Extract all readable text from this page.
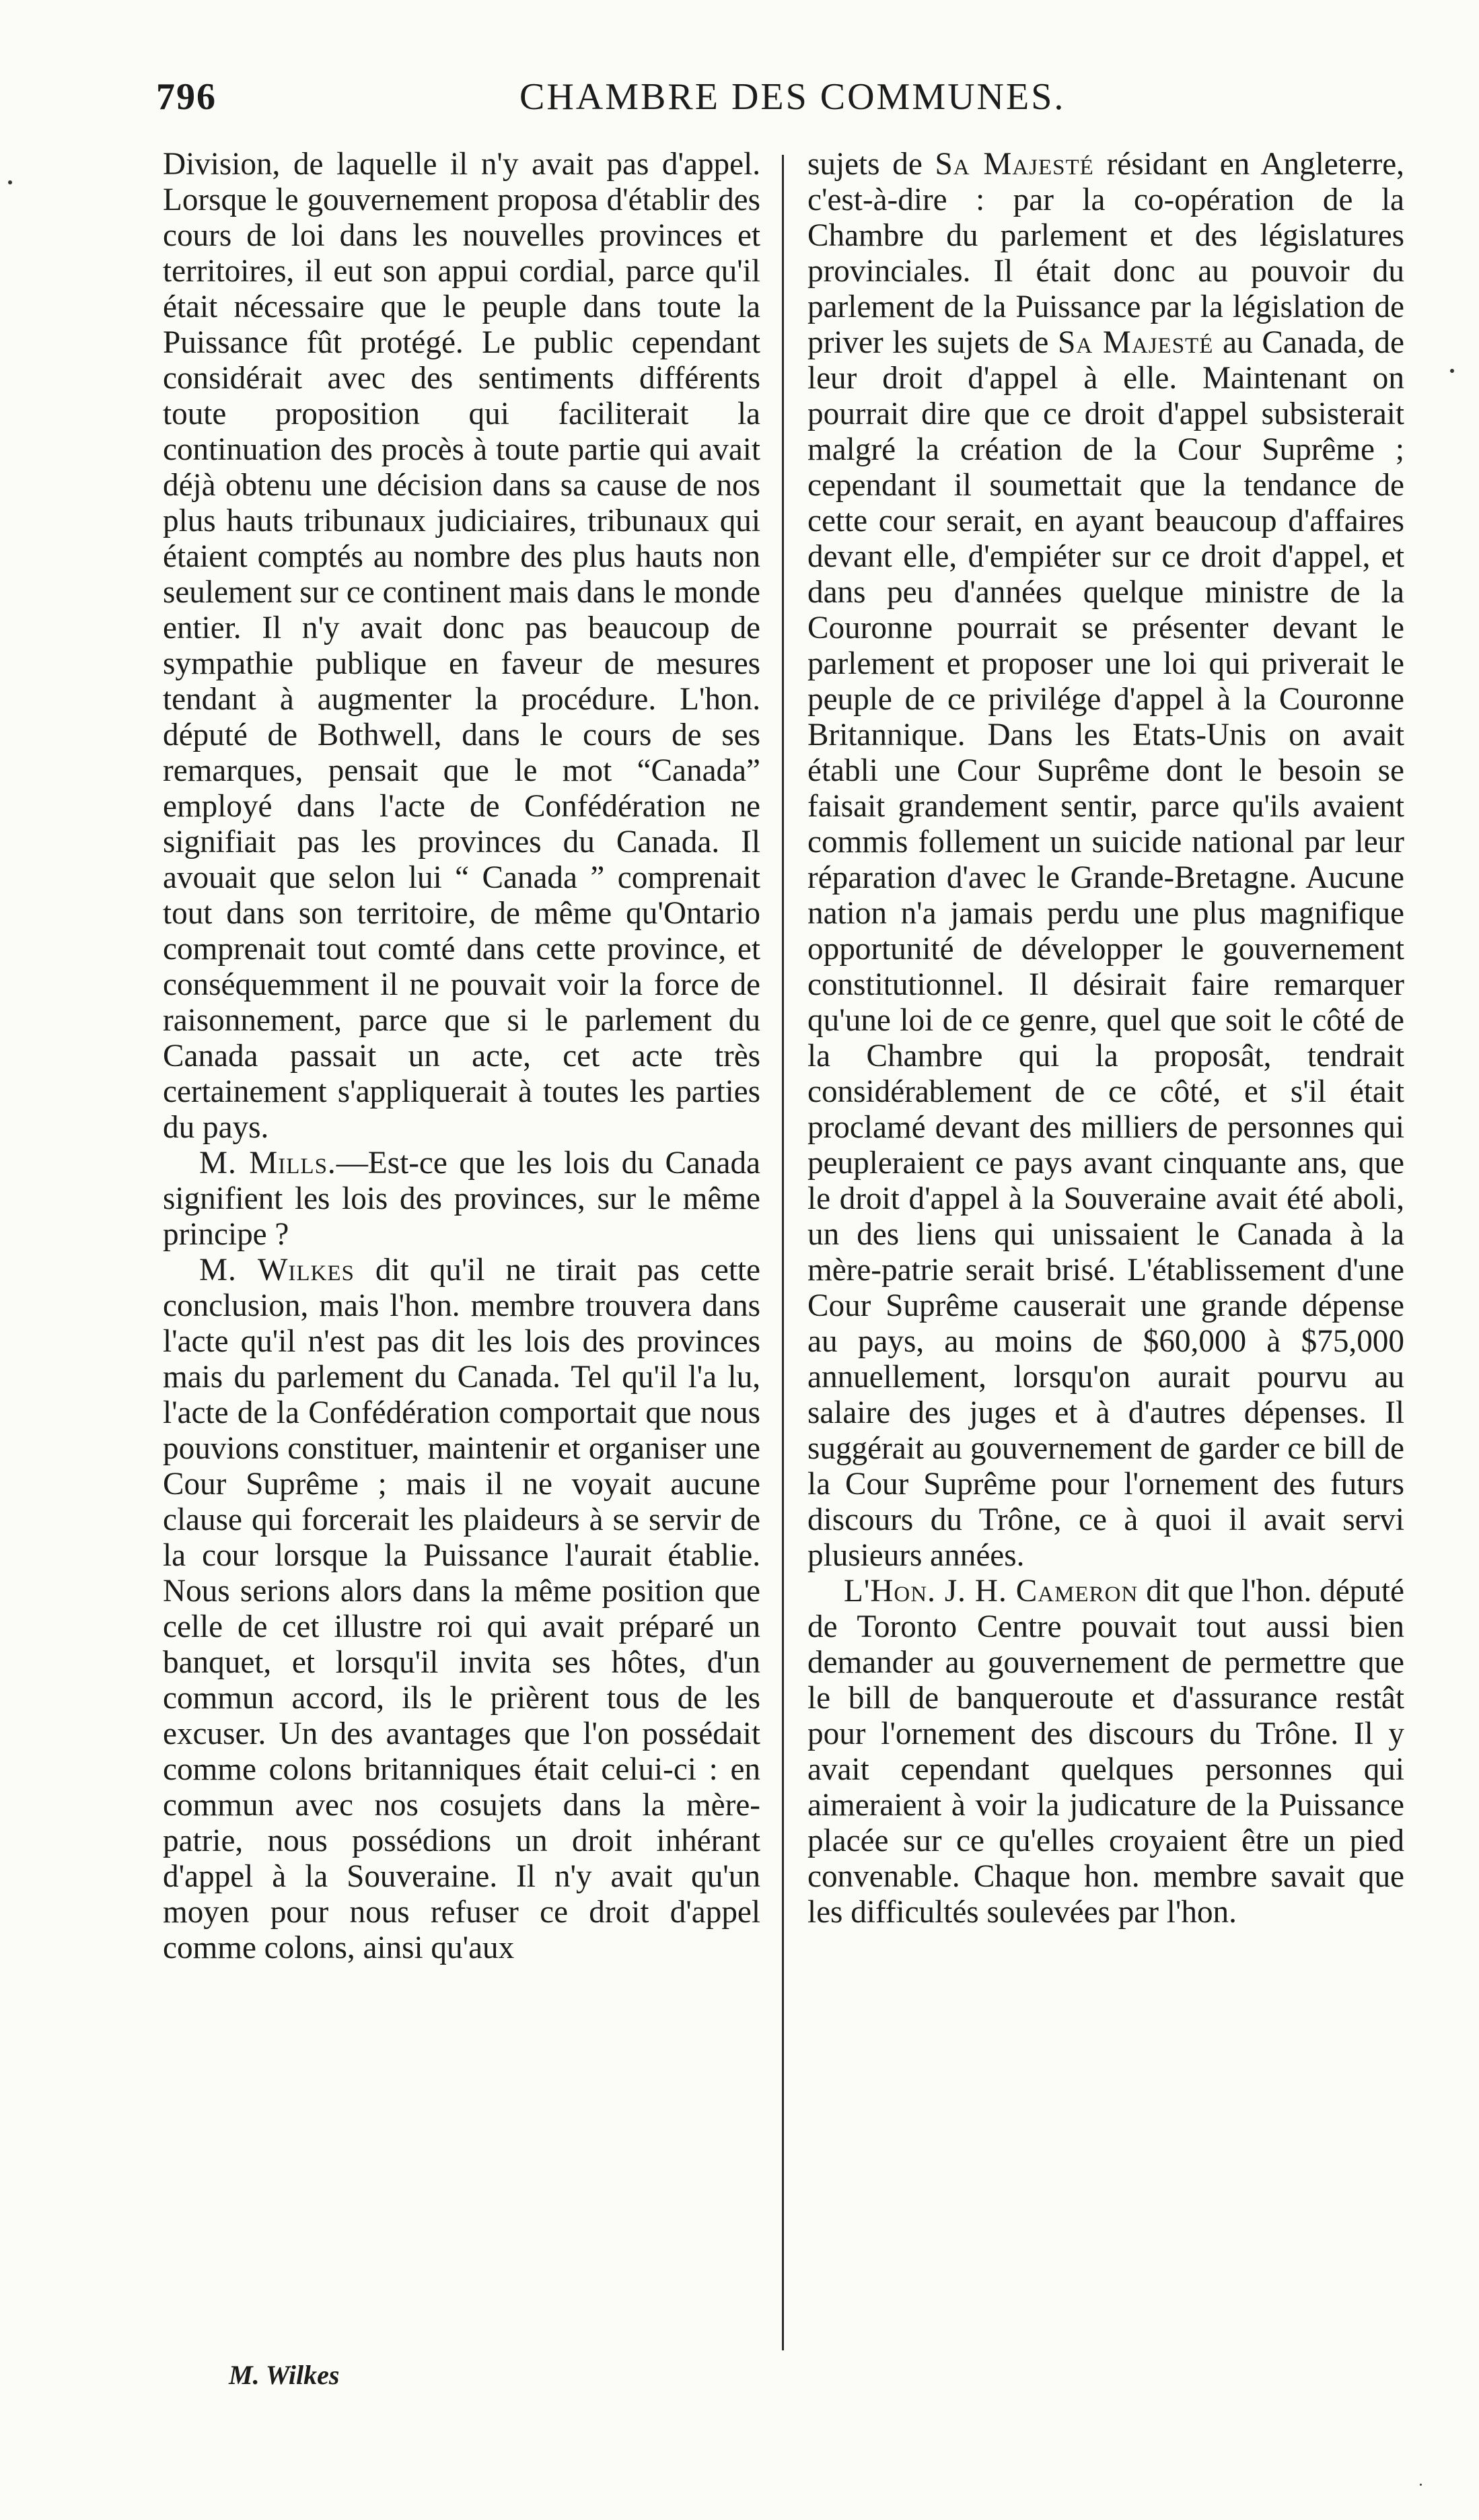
796	CHAMBRE DES COMMUNES.

Division, de laquelle il n'y avait pas d'appel. Lorsque le gouvernement proposa d'établir des cours de loi dans les nouvelles provinces et territoires, il eut son appui cordial, parce qu'il était nécessaire que le peuple dans toute la Puissance fût protégé. Le public cependant considérait avec des sentiments différents toute proposition qui faciliterait la continuation des procès à toute partie qui avait déjà obtenu une décision dans sa cause de nos plus hauts tribunaux judiciaires, tribunaux qui étaient comptés au nombre des plus hauts non seulement sur ce continent mais dans le monde entier. Il n'y avait donc pas beaucoup de sympathie publique en faveur de mesures tendant à augmenter la procédure. L'hon. député de Bothwell, dans le cours de ses remarques, pensait que le mot “Canada” employé dans l'acte de Confédération ne signifiait pas les provinces du Canada. Il avouait que selon lui “ Canada ” comprenait tout dans son territoire, de même qu'Ontario comprenait tout comté dans cette province, et conséquemment il ne pouvait voir la force de raisonnement, parce que si le parlement du Canada passait un acte, cet acte très certainement s'appliquerait à toutes les parties du pays.

M. Mills.—Est-ce que les lois du Canada signifient les lois des provinces, sur le même principe ?

M. Wilkes dit qu'il ne tirait pas cette conclusion, mais l'hon. membre trouvera dans l'acte qu'il n'est pas dit les lois des provinces mais du parlement du Canada. Tel qu'il l'a lu, l'acte de la Confédération comportait que nous pouvions constituer, maintenir et organiser une Cour Suprême ; mais il ne voyait aucune clause qui forcerait les plaideurs à se servir de la cour lorsque la Puissance l'aurait établie. Nous serions alors dans la même position que celle de cet illustre roi qui avait préparé un banquet, et lorsqu'il invita ses hôtes, d'un commun accord, ils le prièrent tous de les excuser. Un des avantages que l'on possédait comme colons britanniques était celui-ci : en commun avec nos cosujets dans la mère-patrie, nous possédions un droit inhérant d'appel à la Souveraine. Il n'y avait qu'un moyen pour nous refuser ce droit d'appel comme colons, ainsi qu'aux

sujets de Sa Majesté résidant en Angleterre, c'est-à-dire : par la co-opération de la Chambre du parlement et des législatures provinciales. Il était donc au pouvoir du parlement de la Puissance par la législation de priver les sujets de Sa Majesté au Canada, de leur droit d'appel à elle. Maintenant on pourrait dire que ce droit d'appel subsisterait malgré la création de la Cour Suprême ; cependant il soumettait que la tendance de cette cour serait, en ayant beaucoup d'affaires devant elle, d'empiéter sur ce droit d'appel, et dans peu d'années quelque ministre de la Couronne pourrait se présenter devant le parlement et proposer une loi qui priverait le peuple de ce privilége d'appel à la Couronne Britannique. Dans les Etats-Unis on avait établi une Cour Suprême dont le besoin se faisait grandement sentir, parce qu'ils avaient commis follement un suicide national par leur réparation d'avec le Grande-Bretagne. Aucune nation n'a jamais perdu une plus magnifique opportunité de développer le gouvernement constitutionnel. Il désirait faire remarquer qu'une loi de ce genre, quel que soit le côté de la Chambre qui la proposât, tendrait considérablement de ce côté, et s'il était proclamé devant des milliers de personnes qui peupleraient ce pays avant cinquante ans, que le droit d'appel à la Souveraine avait été aboli, un des liens qui unissaient le Canada à la mère-patrie serait brisé. L'établissement d'une Cour Suprême causerait une grande dépense au pays, au moins de $60,000 à $75,000 annuellement, lorsqu'on aurait pourvu au salaire des juges et à d'autres dépenses. Il suggérait au gouvernement de garder ce bill de la Cour Suprême pour l'ornement des futurs discours du Trône, ce à quoi il avait servi plusieurs années.

L'Hon. J. H. Cameron dit que l'hon. député de Toronto Centre pouvait tout aussi bien demander au gouvernement de permettre que le bill de banqueroute et d'assurance restât pour l'ornement des discours du Trône. Il y avait cependant quelques personnes qui aimeraient à voir la judicature de la Puissance placée sur ce qu'elles croyaient être un pied convenable. Chaque hon. membre savait que les difficultés soulevées par l'hon.

M. Wilkes
